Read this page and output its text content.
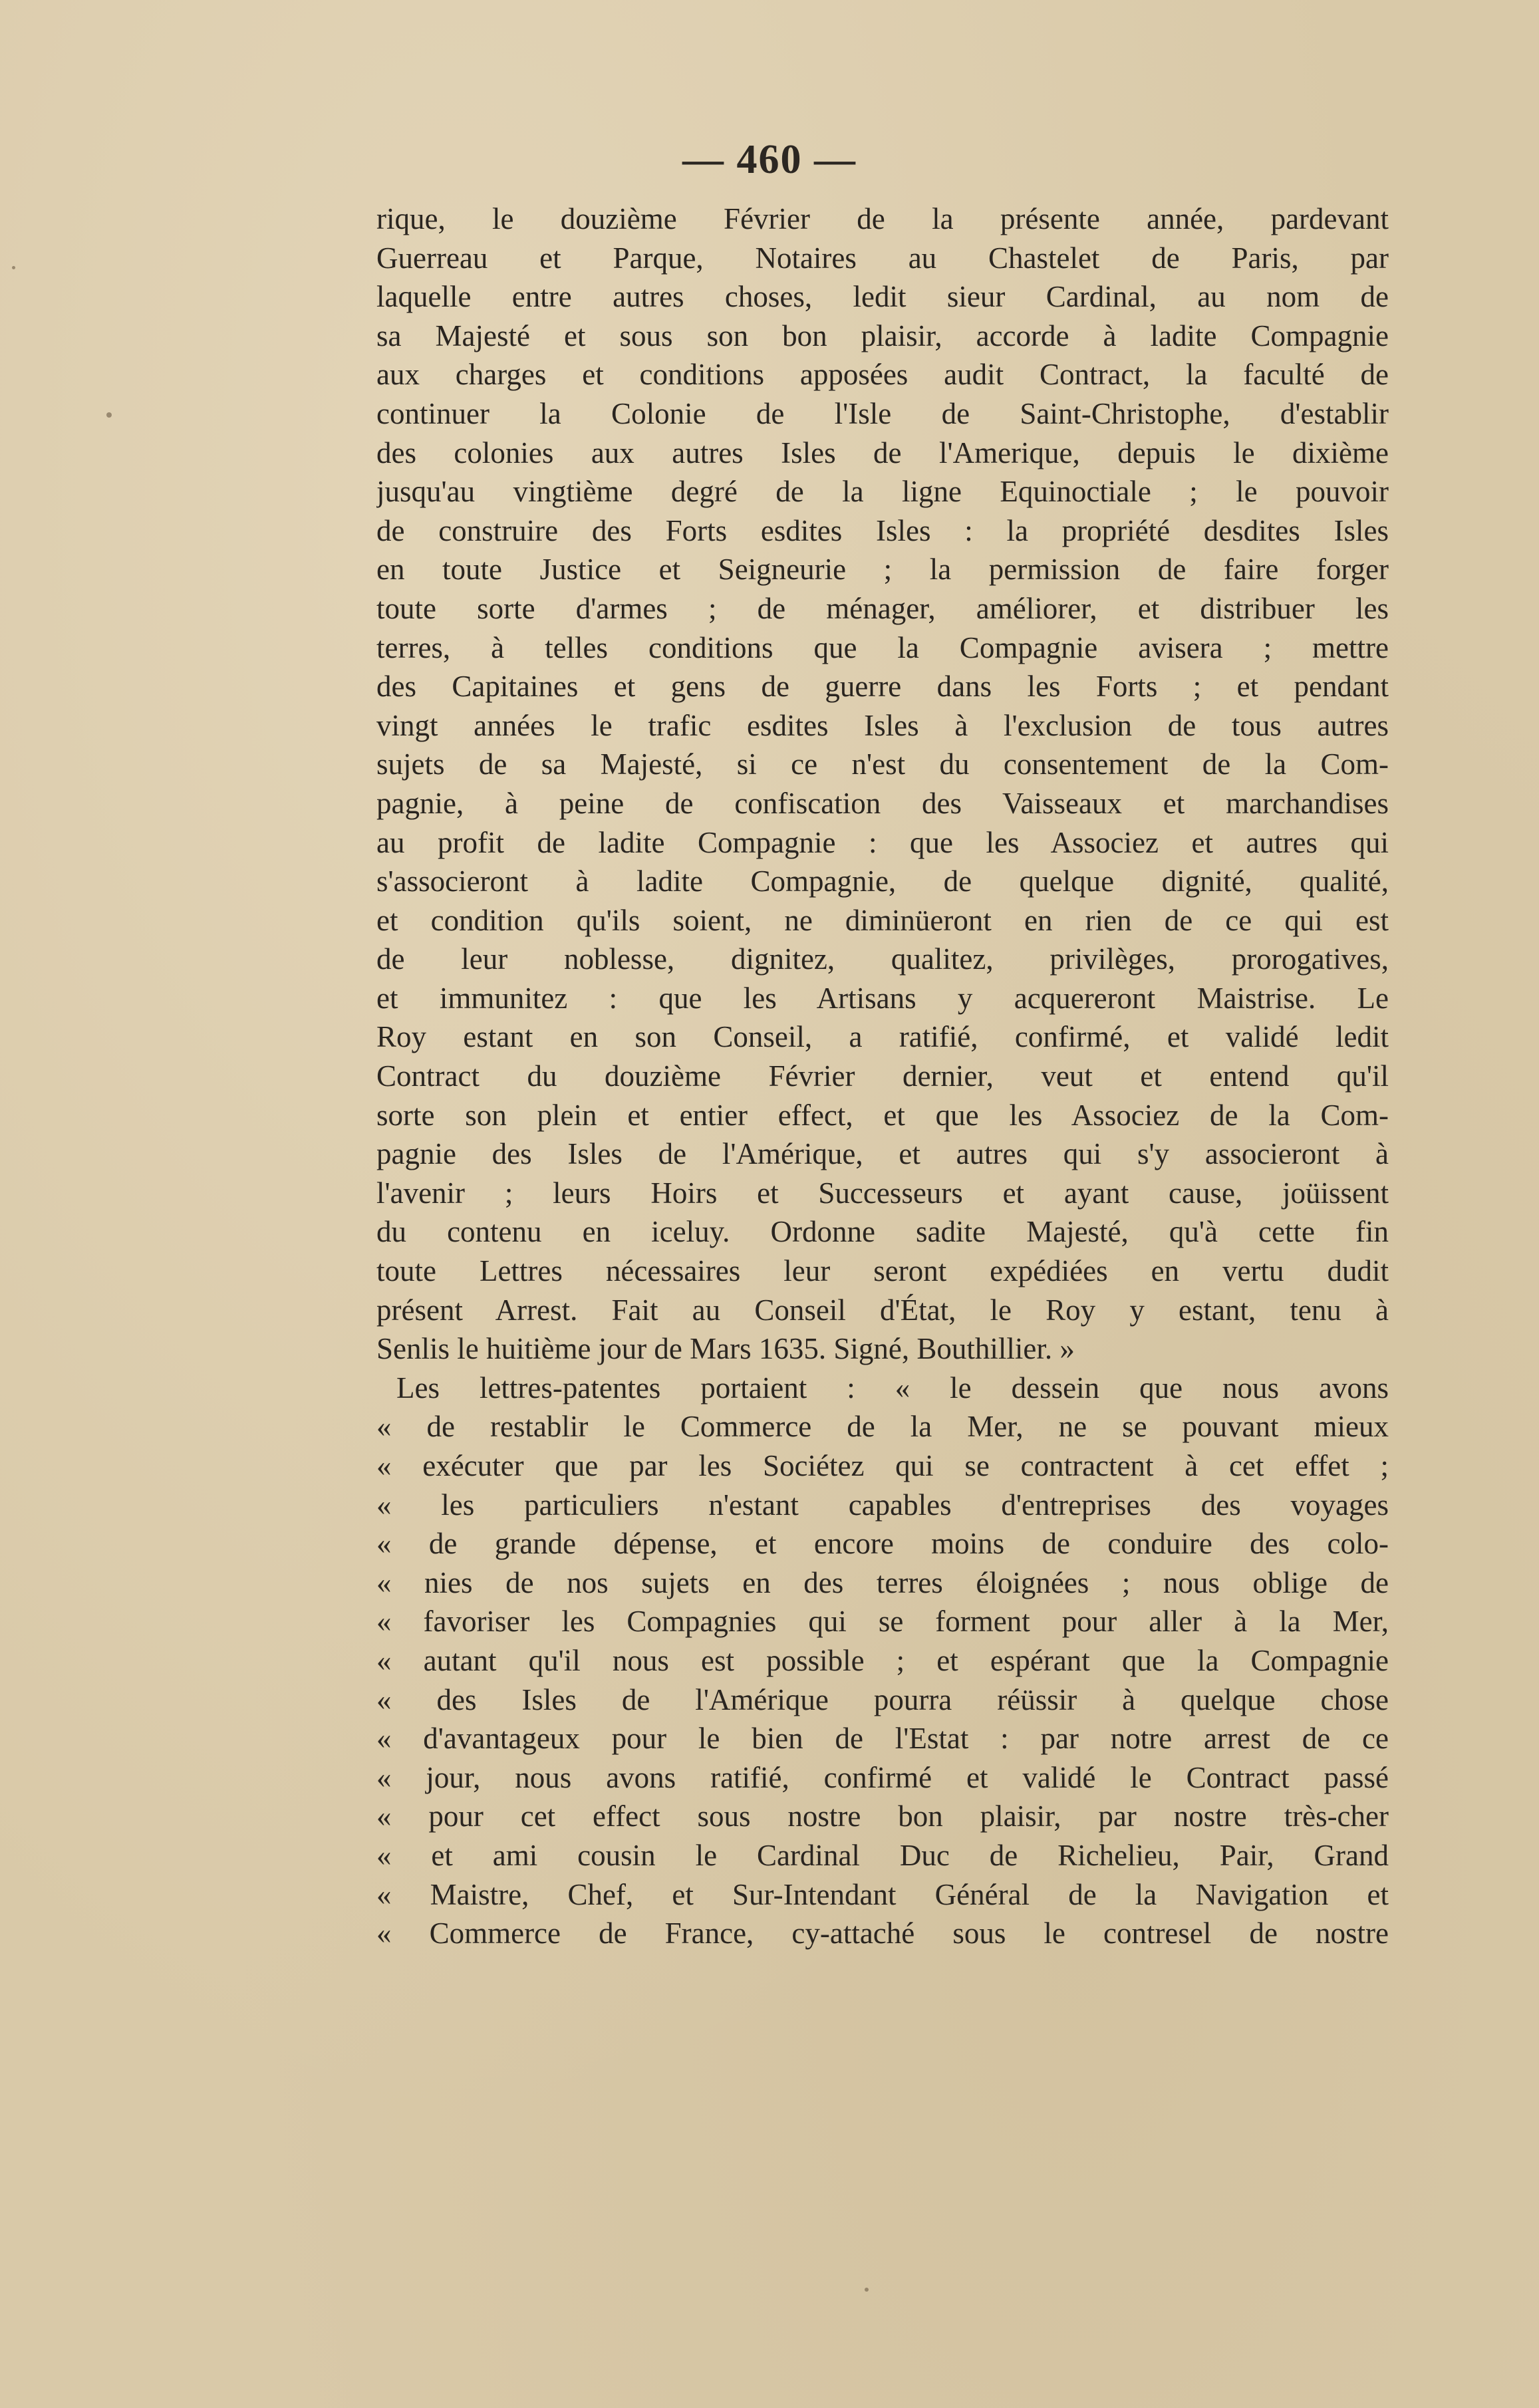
— 460 —
rique, le douzième Février de la présente année, pardevant
Guerreau et Parque, Notaires au Chastelet de Paris, par
laquelle entre autres choses, ledit sieur Cardinal, au nom de
sa Majesté et sous son bon plaisir, accorde à ladite Compagnie
aux charges et conditions apposées audit Contract, la faculté de
continuer la Colonie de l'Isle de Saint-Christophe, d'establir
des colonies aux autres Isles de l'Amerique, depuis le dixième
jusqu'au vingtième degré de la ligne Equinoctiale ; le pouvoir
de construire des Forts esdites Isles : la propriété desdites Isles
en toute Justice et Seigneurie ; la permission de faire forger
toute sorte d'armes ; de ménager, améliorer, et distribuer les
terres, à telles conditions que la Compagnie avisera ; mettre
des Capitaines et gens de guerre dans les Forts ; et pendant
vingt années le trafic esdites Isles à l'exclusion de tous autres
sujets de sa Majesté, si ce n'est du consentement de la Com-
pagnie, à peine de confiscation des Vaisseaux et marchandises
au profit de ladite Compagnie : que les Associez et autres qui
s'associeront à ladite Compagnie, de quelque dignité, qualité,
et condition qu'ils soient, ne diminüeront en rien de ce qui est
de leur noblesse, dignitez, qualitez, privilèges, prorogatives,
et immunitez : que les Artisans y acquereront Maistrise. Le
Roy estant en son Conseil, a ratifié, confirmé, et validé ledit
Contract du douzième Février dernier, veut et entend qu'il
sorte son plein et entier effect, et que les Associez de la Com-
pagnie des Isles de l'Amérique, et autres qui s'y associeront à
l'avenir ; leurs Hoirs et Successeurs et ayant cause, joüissent
du contenu en iceluy. Ordonne sadite Majesté, qu'à cette fin
toute Lettres nécessaires leur seront expédiées en vertu dudit
présent Arrest. Fait au Conseil d'État, le Roy y estant, tenu à
Senlis le huitième jour de Mars 1635. Signé, Bouthillier. »
Les lettres-patentes portaient : « le dessein que nous avons
« de restablir le Commerce de la Mer, ne se pouvant mieux
« exécuter que par les Sociétez qui se contractent à cet effet ;
« les particuliers n'estant capables d'entreprises des voyages
« de grande dépense, et encore moins de conduire des colo-
« nies de nos sujets en des terres éloignées ; nous oblige de
« favoriser les Compagnies qui se forment pour aller à la Mer,
« autant qu'il nous est possible ; et espérant que la Compagnie
« des Isles de l'Amérique pourra réüssir à quelque chose
« d'avantageux pour le bien de l'Estat : par notre arrest de ce
« jour, nous avons ratifié, confirmé et validé le Contract passé
« pour cet effect sous nostre bon plaisir, par nostre très-cher
« et ami cousin le Cardinal Duc de Richelieu, Pair, Grand
« Maistre, Chef, et Sur-Intendant Général de la Navigation et
« Commerce de France, cy-attaché sous le contresel de nostre
